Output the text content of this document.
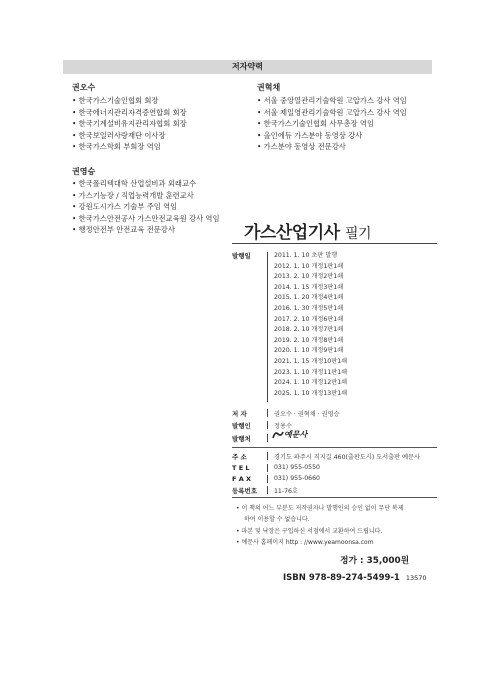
저자약력
권오수
• 한국가스기술인협회 회장
• 한국에너지관리자격증연합회 회장
• 한국기계설비유지관리자협회 회장
• 한국보일러사랑재단 이사장
• 한국가스학회 부회장 역임
권혁채
• 서울 중앙열관리기술학원 고압가스 강사 역임
• 서울 제일영관리기술학원 고압가스 강사 역임
• 한국가스기술인협회 사무총장 역임
• 올인에듀 가스분야 동영상 강사
• 가스분야 동영상 전문강사
권영승
• 한국폴리텍대학 산업설비과 외래교수
• 가스기능장 / 직업능력개발 훈련교사
• 강원도시가스 기술부 주임 역임
• 한국가스안전공사 가스안전교육원 강사 역임
• 행정안전부 안전교육 전문강사	가스산업기사 필기
발행일	2011. 1. 10 초판 발행
2012. 1. 10 개정1판1쇄
2013. 2. 10 개정2판1쇄
2014. 1. 15 개정3판1쇄
2015. 1. 20 개정4판1쇄
2016. 1. 30 개정5판1쇄
2017. 2. 10 개정6판1쇄
2018. 2. 10 개정7판1쇄
2019. 2. 10 개정8판1쇄
2020. 1. 10 개정9판1쇄
2021. 1. 15 개정10판1쇄
2023. 1. 10 개정11판1쇄
2024. 1. 10 개정12판1쇄
2025. 1. 10 개정13판1쇄
저 자	권오수 · 권혁채 · 권영승
발행인	정용수
발행처	예문사
주 소	경기도 파주시 직지길 460(출판도시) 도서출판 예문사
T E L	031) 955-0550
F A X	031) 955-0660
등록번호	11-76호
• 이 책의 어느 부분도 저작권자나 발행인의 승인 없이 무단 복제
하여 이용할 수 없습니다.
• 파본 및 낙장은 구입하신 서점에서 교환하여 드립니다.
• 예문사 홈페이지 http : //www.yeamoonsa.com
정가 : 35,000원
ISBN 978-89-274-5499-1 13570
